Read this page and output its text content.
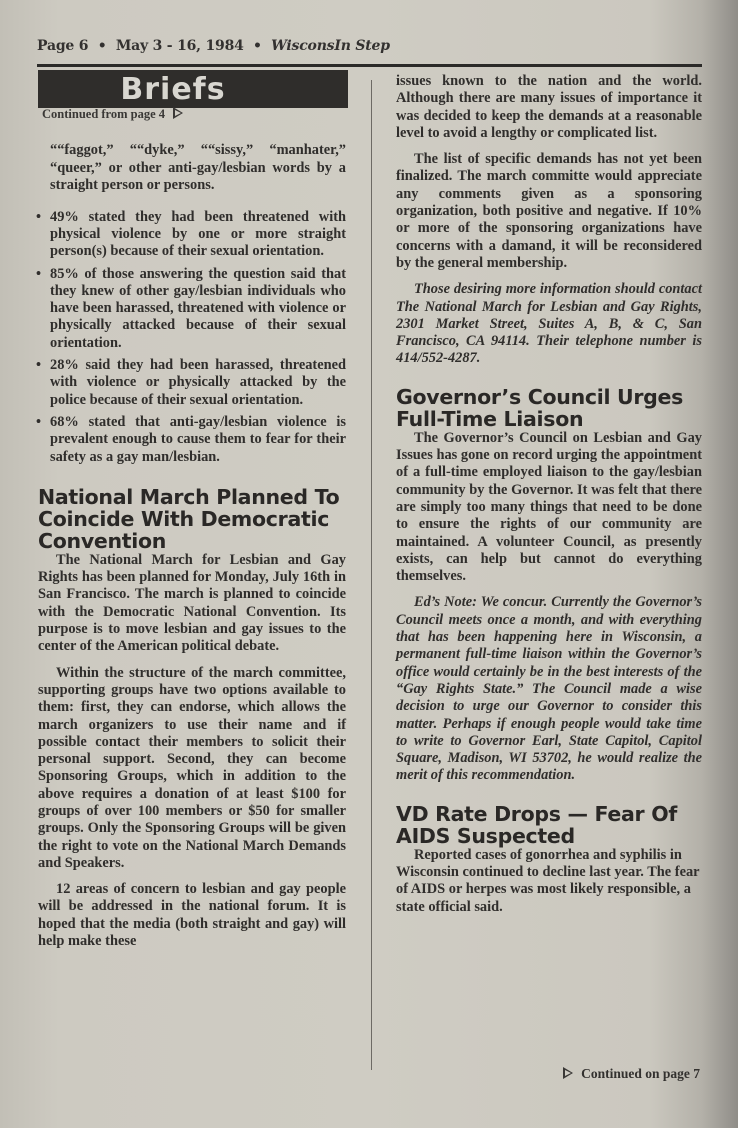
Page 6 • May 3 - 16, 1984 • WisconsIn Step
Briefs
Continued from page 4

““faggot,” ““dyke,” ““sissy,” “manhater,” “queer,” or other anti-gay/lesbian words by a straight person or persons.

• 49% stated they had been threatened with physical violence by one or more straight person(s) because of their sexual orientation.
• 85% of those answering the question said that they knew of other gay/lesbian individuals who have been harassed, threatened with violence or physically attacked because of their sexual orientation.
• 28% said they had been harassed, threatened with violence or physically attacked by the police because of their sexual orientation.
• 68% stated that anti-gay/lesbian violence is prevalent enough to cause them to fear for their safety as a gay man/lesbian.
National March Planned To Coincide With Democratic Convention

The National March for Lesbian and Gay Rights has been planned for Monday, July 16th in San Francisco. The march is planned to coincide with the Democratic National Convention. Its purpose is to move lesbian and gay issues to the center of the American political debate.

Within the structure of the march committee, supporting groups have two options available to them: first, they can endorse, which allows the march organizers to use their name and if possible contact their members to solicit their personal support. Second, they can become Sponsoring Groups, which in addition to the above requires a donation of at least $100 for groups of over 100 members or $50 for smaller groups. Only the Sponsoring Groups will be given the right to vote on the National March Demands and Speakers.

12 areas of concern to lesbian and gay people will be addressed in the national forum. It is hoped that the media (both straight and gay) will help make these

issues known to the nation and the world. Although there are many issues of importance it was decided to keep the demands at a reasonable level to avoid a lengthy or complicated list.

The list of specific demands has not yet been finalized. The march committe would appreciate any comments given as a sponsoring organization, both positive and negative. If 10% or more of the sponsoring organizations have concerns with a damand, it will be reconsidered by the general membership.

Those desiring more information should contact The National March for Lesbian and Gay Rights, 2301 Market Street, Suites A, B, & C, San Francisco, CA 94114. Their telephone number is 414/552-4287.

Governor’s Council Urges Full-Time Liaison

The Governor’s Council on Lesbian and Gay Issues has gone on record urging the appointment of a full-time employed liaison to the gay/lesbian community by the Governor. It was felt that there are simply too many things that need to be done to ensure the rights of our community are maintained. A volunteer Council, as presently exists, can help but cannot do everything themselves.

Ed’s Note: We concur. Currently the Governor’s Council meets once a month, and with everything that has been happening here in Wisconsin, a permanent full-time liaison within the Governor’s office would certainly be in the best interests of the “Gay Rights State.” The Council made a wise decision to urge our Governor to consider this matter. Perhaps if enough people would take time to write to Governor Earl, State Capitol, Capitol Square, Madison, WI 53702, he would realize the merit of this recommendation.

VD Rate Drops — Fear Of AIDS Suspected

Reported cases of gonorrhea and syphilis in Wisconsin continued to decline last year. The fear of AIDS or herpes was most likely responsible, a state official said.

Continued on page 7
